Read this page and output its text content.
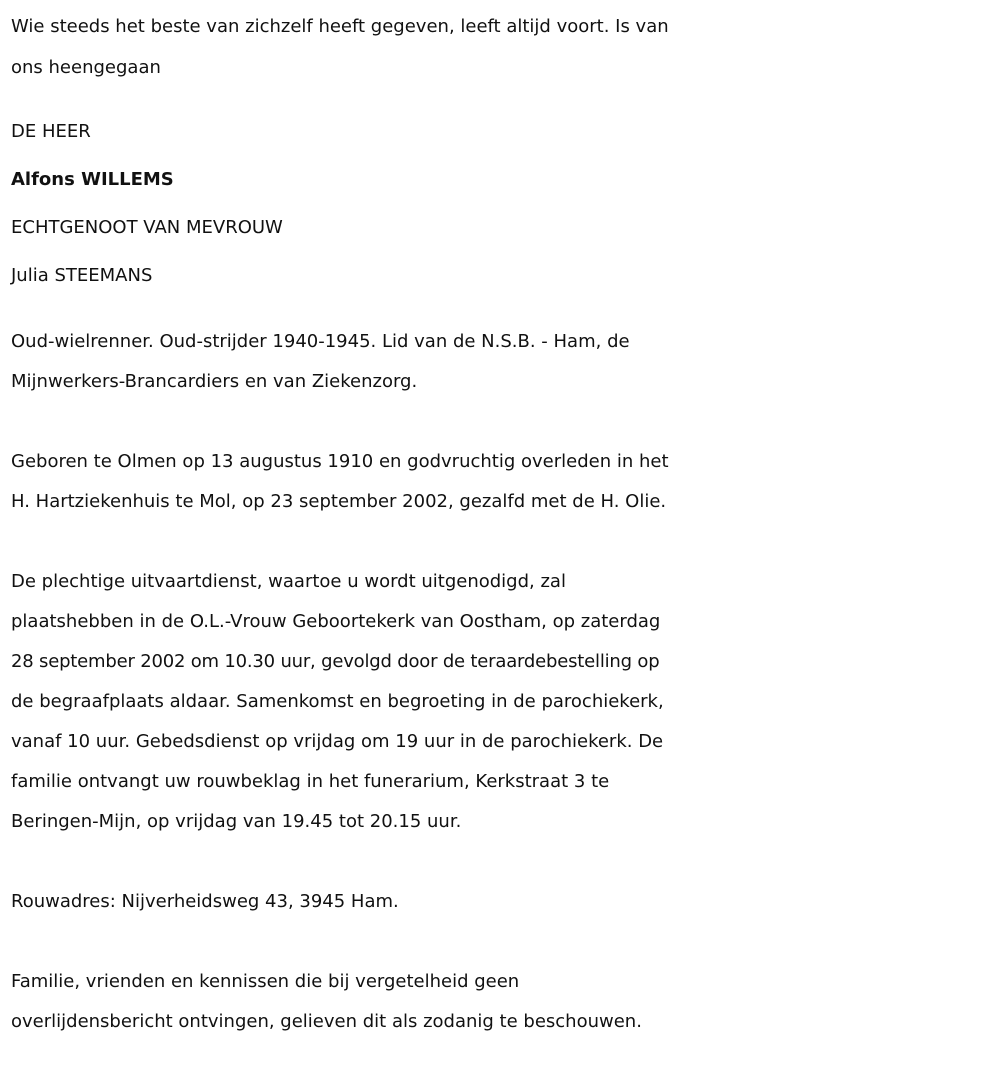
Wie steeds het beste van zichzelf heeft gegeven, leeft altijd voort. Is van
ons heengegaan
DE HEER
Alfons WILLEMS
ECHTGENOOT VAN MEVROUW
Julia STEEMANS
Oud-wielrenner. Oud-strijder 1940-1945. Lid van de N.S.B. - Ham, de
Mijnwerkers-Brancardiers en van Ziekenzorg.
Geboren te Olmen op 13 augustus 1910 en godvruchtig overleden in het
H. Hartziekenhuis te Mol, op 23 september 2002, gezalfd met de H. Olie.
De plechtige uitvaartdienst, waartoe u wordt uitgenodigd, zal
plaatshebben in de O.L.-Vrouw Geboortekerk van Oostham, op zaterdag
28 september 2002 om 10.30 uur, gevolgd door de teraardebestelling op
de begraafplaats aldaar. Samenkomst en begroeting in de parochiekerk,
vanaf 10 uur. Gebedsdienst op vrijdag om 19 uur in de parochiekerk. De
familie ontvangt uw rouwbeklag in het funerarium, Kerkstraat 3 te
Beringen-Mijn, op vrijdag van 19.45 tot 20.15 uur.
Rouwadres: Nijverheidsweg 43, 3945 Ham.
Familie, vrienden en kennissen die bij vergetelheid geen
overlijdensbericht ontvingen, gelieven dit als zodanig te beschouwen.
